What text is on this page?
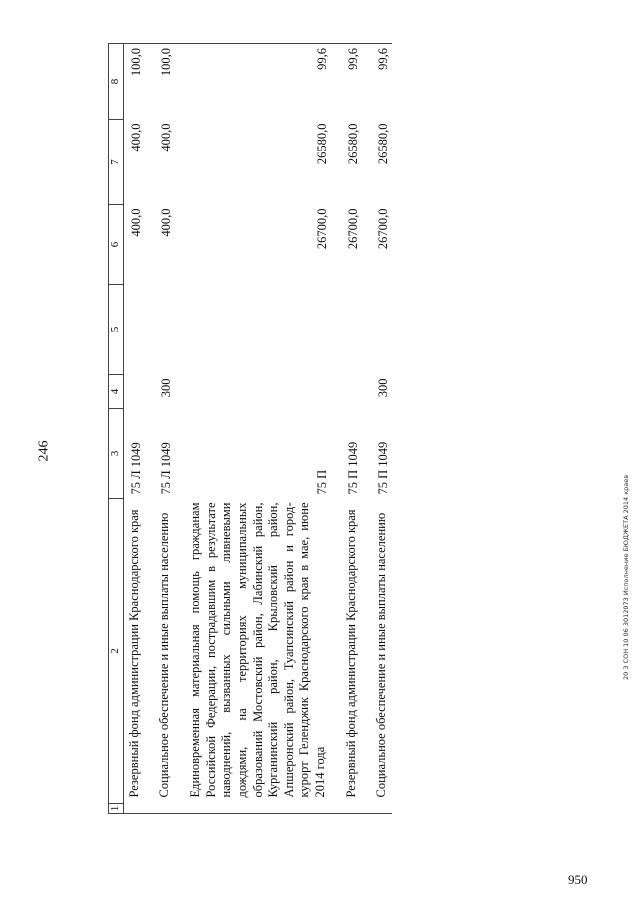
246
950
20 3 СОН 10 06 3012073 Исполнение БЮДЖЕТА 2014 краев
1	2	3	4	5	6	7	8
	Резервный фонд администрации Краснодарского края	75 Л 1049			400,0	400,0	100,0

	Социальное обеспечение и иные выплаты населению	75 Л 1049	300		400,0	400,0	100,0

	Единовременная материальная помощь гражданам Российской Федерации, пострадавшим в результате наводнений, вызванных сильными ливневыми дождями, на территориях муниципальных образований Мостовский район, Лабинский район, Курганинский район, Крыловский район, Апшеронский район, Туапсинский район и город-курорт Геленджик Краснодарского края в мае, июне 2014 года	75 П			26700,0	26580,0	99,6

	Резервный фонд администрации Краснодарского края	75 П 1049			26700,0	26580,0	99,6

	Социальное обеспечение и иные выплаты населению	75 П 1049	300		26700,0	26580,0	99,6
